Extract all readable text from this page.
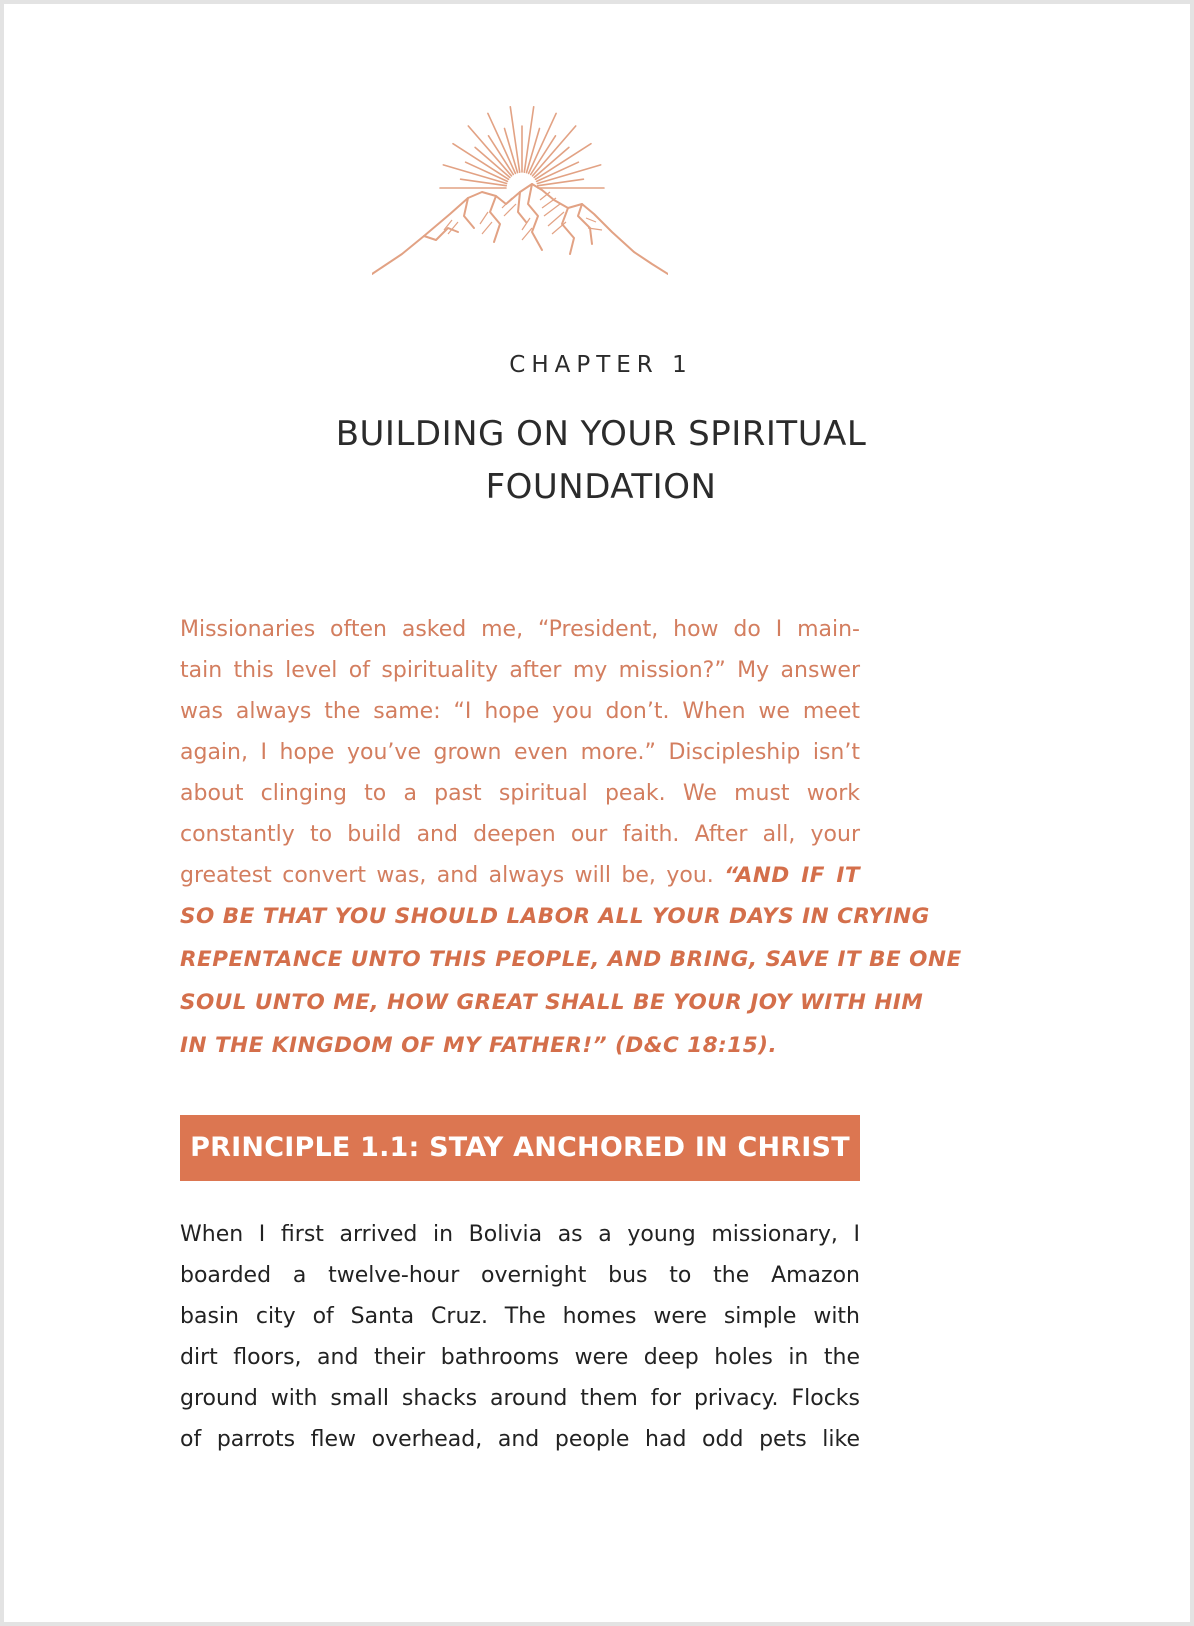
CHAPTER 1
BUILDING ON YOUR SPIRITUAL
FOUNDATION
Missionaries often asked me, “President, how do I main-
tain this level of spirituality after my mission?” My answer
was always the same: “I hope you don’t. When we meet
again, I hope you’ve grown even more.” Discipleship isn’t
about clinging to a past spiritual peak. We must work
constantly to build and deepen our faith. After all, your
greatest convert was, and always will be, you. “AND IF IT
SO BE THAT YOU SHOULD LABOR ALL YOUR DAYS IN CRYING
REPENTANCE UNTO THIS PEOPLE, AND BRING, SAVE IT BE ONE
SOUL UNTO ME, HOW GREAT SHALL BE YOUR JOY WITH HIM
IN THE KINGDOM OF MY FATHER!” (D&C 18:15).
PRINCIPLE 1.1: STAY ANCHORED IN CHRIST
When I first arrived in Bolivia as a young missionary, I
boarded a twelve-hour overnight bus to the Amazon
basin city of Santa Cruz. The homes were simple with
dirt floors, and their bathrooms were deep holes in the
ground with small shacks around them for privacy. Flocks
of parrots flew overhead, and people had odd pets like
